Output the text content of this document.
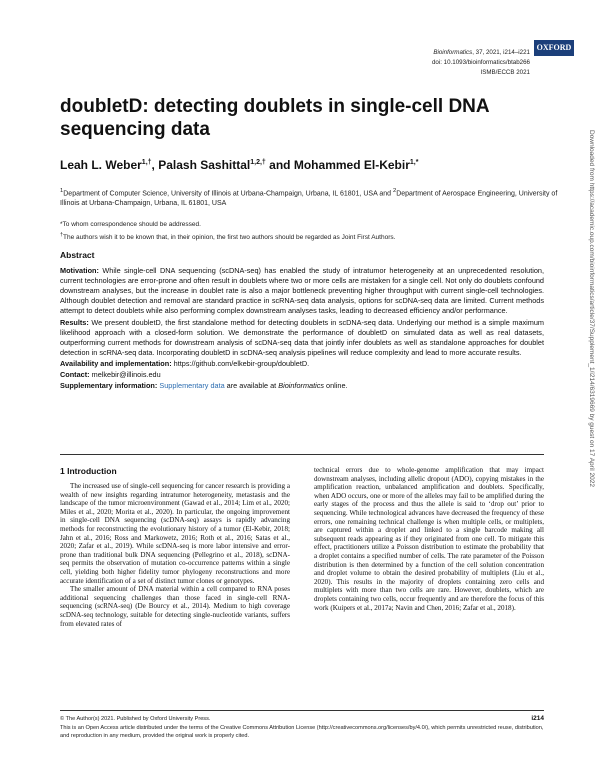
Bioinformatics, 37, 2021, i214–i221
doi: 10.1093/bioinformatics/btab266
ISMB/ECCB 2021
OXFORD
doubletD: detecting doublets in single-cell DNA sequencing data
Leah L. Weber$^{1,\dagger}$, Palash Sashittal$^{1,2,\dagger}$ and Mohammed El-Kebir$^{1,*}$
$^1$Department of Computer Science, University of Illinois at Urbana-Champaign, Urbana, IL 61801, USA and $^2$Department of Aerospace Engineering, University of Illinois at Urbana-Champaign, Urbana, IL 61801, USA
*To whom correspondence should be addressed.
†The authors wish it to be known that, in their opinion, the first two authors should be regarded as Joint First Authors.
Abstract

Motivation: While single-cell DNA sequencing (scDNA-seq) has enabled the study of intratumor heterogeneity at an unprecedented resolution, current technologies are error-prone and often result in doublets where two or more cells are mistaken for a single cell. Not only do doublets confound downstream analyses, but the increase in doublet rate is also a major bottleneck preventing higher throughput with current single-cell technologies. Although doublet detection and removal are standard practice in scRNA-seq data analysis, options for scDNA-seq data are limited. Current methods attempt to detect doublets while also performing complex downstream analyses tasks, leading to decreased efficiency and/or performance.

Results: We present doubletD, the first standalone method for detecting doublets in scDNA-seq data. Underlying our method is a simple maximum likelihood approach with a closed-form solution. We demonstrate the performance of doubletD on simulated data as well as real datasets, outperforming current methods for downstream analysis of scDNA-seq data that jointly infer doublets as well as standalone approaches for doublet detection in scRNA-seq data. Incorporating doubletD in scDNA-seq analysis pipelines will reduce complexity and lead to more accurate results.

Availability and implementation: https://github.com/elkebir-group/doubletD.

Contact: melkebir@illinois.edu

Supplementary information: Supplementary data are available at Bioinformatics online.

1 Introduction

The increased use of single-cell sequencing for cancer research is providing a wealth of new insights regarding intratumor heterogeneity, metastasis and the landscape of the tumor microenvironment (Gawad et al., 2014; Lim et al., 2020; Miles et al., 2020; Morita et al., 2020). In particular, the ongoing improvement in single-cell DNA sequencing (scDNA-seq) assays is rapidly advancing methods for reconstructing the evolutionary history of a tumor (El-Kebir, 2018; Jahn et al., 2016; Ross and Markowetz, 2016; Roth et al., 2016; Satas et al., 2020; Zafar et al., 2019). While scDNA-seq is more labor intensive and error-prone than traditional bulk DNA sequencing (Pellegrino et al., 2018), scDNA-seq permits the observation of mutation co-occurrence patterns within a single cell, yielding both higher fidelity tumor phylogeny reconstructions and more accurate identification of a set of distinct tumor clones or genotypes.

The smaller amount of DNA material within a cell compared to RNA poses additional sequencing challenges than those faced in single-cell RNA-sequencing (scRNA-seq) (De Bourcy et al., 2014). Medium to high coverage scDNA-seq technology, suitable for detecting single-nucleotide variants, suffers from elevated rates of

technical errors due to whole-genome amplification that may impact downstream analyses, including allelic dropout (ADO), copying mistakes in the amplification reaction, unbalanced amplification and doublets. Specifically, when ADO occurs, one or more of the alleles may fail to be amplified during the early stages of the process and thus the allele is said to ‘drop out’ prior to sequencing. While technological advances have decreased the frequency of these errors, one remaining technical challenge is when multiple cells, or multiplets, are captured within a droplet and linked to a single barcode making all subsequent reads appearing as if they originated from one cell. To mitigate this effect, practitioners utilize a Poisson distribution to estimate the probability that a droplet contains a specified number of cells. The rate parameter of the Poisson distribution is then determined by a function of the cell solution concentration and droplet volume to obtain the desired probability of multiplets (Liu et al., 2020). This results in the majority of droplets containing zero cells and multiplets with more than two cells are rare. However, doublets, which are droplets containing two cells, occur frequently and are therefore the focus of this work (Kuipers et al., 2017a; Navin and Chen, 2016; Zafar et al., 2018).

© The Author(s) 2021. Published by Oxford University Press.
This is an Open Access article distributed under the terms of the Creative Commons Attribution License (http://creativecommons.org/licenses/by/4.0/), which permits unrestricted reuse, distribution, and reproduction in any medium, provided the original work is properly cited.
i214
Downloaded from https://academic.oup.com/bioinformatics/article/37/Supplement_1/i214/6319669 by guest on 17 April 2022
